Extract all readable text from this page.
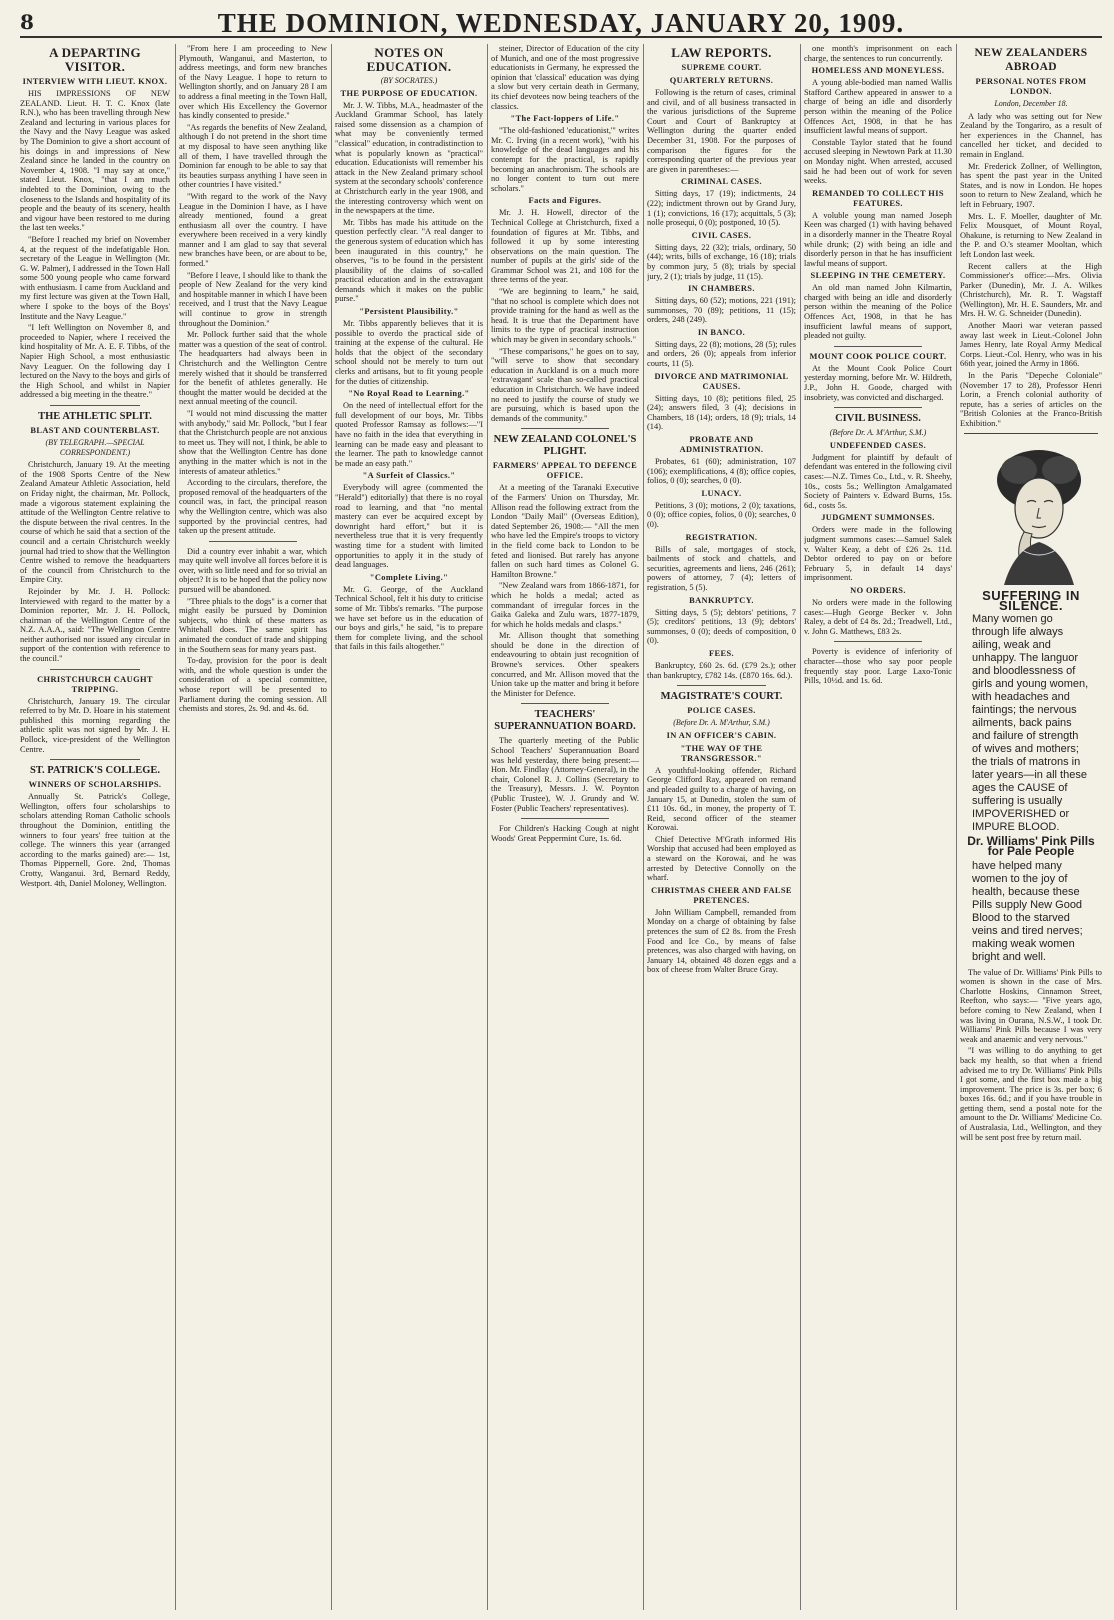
8	THE DOMINION, WEDNESDAY, JANUARY 20, 1909.
A DEPARTING VISITOR.
INTERVIEW WITH LIEUT. KNOX.

HIS IMPRESSIONS OF NEW ZEALAND. Lieut. H. T. C. Knox (late R.N.), who has been travelling through New Zealand and lecturing in various places for the Navy and the Navy League was asked by The Dominion to give a short account of his doings in and impressions of New Zealand since he landed in the country on November 4, 1908. "I may say at once," stated Lieut. Knox, "that I am much indebted to the Dominion, owing to the closeness to the Islands and hospitality of its people and the beauty of its scenery, health and vigour have been restored to me during the last ten weeks."

"Before I reached my brief on November 4, at the request of the indefatigable Hon. secretary of the League in Wellington (Mr. G. W. Palmer), I addressed in the Town Hall some 500 young people who came forward with enthusiasm. I came from Auckland and my first lecture was given at the Town Hall, where I spoke to the boys of the Boys' Institute and the Navy League."

"I left Wellington on November 8, and proceeded to Napier, where I received the kind hospitality of Mr. A. E. F. Tibbs, of the Napier High School, a most enthusiastic Navy Leaguer. On the following day I lectured on the Navy to the boys and girls of the High School, and whilst in Napier addressed a big meeting in the theatre."

THE ATHLETIC SPLIT.
BLAST AND COUNTERBLAST.
(BY TELEGRAPH.—SPECIAL CORRESPONDENT.)

Christchurch, January 19. At the meeting of the 1908 Sports Centre of the New Zealand Amateur Athletic Association, held on Friday night, the chairman, Mr. Pollock, made a vigorous statement explaining the attitude of the Wellington Centre relative to the dispute between the rival centres. In the course of which he said that a section of the council and a certain Christchurch weekly journal had tried to show that the Wellington Centre wished to remove the headquarters of the council from Christchurch to the Empire City.

Rejoinder by Mr. J. H. Pollock: Interviewed with regard to the matter by a Dominion reporter, Mr. J. H. Pollock, chairman of the Wellington Centre of the N.Z. A.A.A., said: "The Wellington Centre neither authorised nor issued any circular in support of the contention with reference to the council."

CHRISTCHURCH CAUGHT TRIPPING.

Christchurch, January 19. The circular referred to by Mr. D. Hoare in his statement published this morning regarding the athletic split was not signed by Mr. J. H. Pollock, vice-president of the Wellington Centre.

ST. PATRICK'S COLLEGE.
WINNERS OF SCHOLARSHIPS.

Annually St. Patrick's College, Wellington, offers four scholarships to scholars attending Roman Catholic schools throughout the Dominion, entitling the winners to four years' free tuition at the college. The winners this year (arranged according to the marks gained) are:— 1st, Thomas Pippernell, Gore. 2nd, Thomas Crotty, Wanganui. 3rd, Bernard Reddy, Westport. 4th, Daniel Moloney, Wellington.

"From here I am proceeding to New Plymouth, Wanganui, and Masterton, to address meetings, and form new branches of the Navy League. I hope to return to Wellington shortly, and on January 28 I am to address a final meeting in the Town Hall, over which His Excellency the Governor has kindly consented to preside."

"As regards the benefits of New Zealand, although I do not pretend in the short time at my disposal to have seen anything like all of them, I have travelled through the Dominion far enough to be able to say that its beauties surpass anything I have seen in other countries I have visited."

"With regard to the work of the Navy League in the Dominion I have, as I have already mentioned, found a great enthusiasm all over the country. I have everywhere been received in a very kindly manner and I am glad to say that several new branches have been, or are about to be, formed."

"Before I leave, I should like to thank the people of New Zealand for the very kind and hospitable manner in which I have been received, and I trust that the Navy League will continue to grow in strength throughout the Dominion."

Mr. Pollock further said that the whole matter was a question of the seat of control. The headquarters had always been in Christchurch and the Wellington Centre merely wished that it should be transferred for the benefit of athletes generally. He thought the matter would be decided at the next annual meeting of the council.

"I would not mind discussing the matter with anybody," said Mr. Pollock, "but I fear that the Christchurch people are not anxious to meet us. They will not, I think, be able to show that the Wellington Centre has done anything in the matter which is not in the interests of amateur athletics."

According to the circulars, therefore, the proposed removal of the headquarters of the council was, in fact, the principal reason why the Wellington centre, which was also supported by the provincial centres, had taken up the present attitude.

Did a country ever inhabit a war, which may quite well involve all forces before it is over, with so little need and for so trivial an object? It is to be hoped that the policy now pursued will be abandoned.

"Three phials to the dogs" is a corner that might easily be pursued by Dominion subjects, who think of these matters as Whitehall does. The same spirit has animated the conduct of trade and shipping in the Southern seas for many years past.

To-day, provision for the poor is dealt with, and the whole question is under the consideration of a special committee, whose report will be presented to Parliament during the coming session. All chemists and stores, 2s. 9d. and 4s. 6d.

NOTES ON EDUCATION.
(BY SOCRATES.)
THE PURPOSE OF EDUCATION.

Mr. J. W. Tibbs, M.A., headmaster of the Auckland Grammar School, has lately raised some dissension as a champion of what may be conveniently termed "classical" education, in contradistinction to what is popularly known as "practical" education. Educationists will remember his attack in the New Zealand primary school system at the secondary schools' conference at Christchurch early in the year 1908, and the interesting controversy which went on in the newspapers at the time.

Mr. Tibbs has made his attitude on the question perfectly clear. "A real danger to the generous system of education which has been inaugurated in this country," he observes, "is to be found in the persistent plausibility of the claims of so-called practical education and in the extravagant demands which it makes on the public purse."

"Persistent Plausibility."

Mr. Tibbs apparently believes that it is possible to overdo the practical side of training at the expense of the cultural. He holds that the object of the secondary school should not be merely to turn out clerks and artisans, but to fit young people for the duties of citizenship.

"No Royal Road to Learning."

On the need of intellectual effort for the full development of our boys, Mr. Tibbs quoted Professor Ramsay as follows:—"I have no faith in the idea that everything in learning can be made easy and pleasant to the learner. The path to knowledge cannot be made an easy path."

"A Surfeit of Classics."

Everybody will agree (commented the "Herald") editorially) that there is no royal road to learning, and that "no mental mastery can ever be acquired except by downright hard effort," but it is nevertheless true that it is very frequently wasting time for a student with limited opportunities to apply it in the study of dead languages.

"Complete Living."

Mr. G. George, of the Auckland Technical School, felt it his duty to criticise some of Mr. Tibbs's remarks. "The purpose we have set before us in the education of our boys and girls," he said, "is to prepare them for complete living, and the school that fails in this fails altogether."

steiner, Director of Education of the city of Munich, and one of the most progressive educationists in Germany, he expressed the opinion that 'classical' education was dying a slow but very certain death in Germany, its chief devotees now being teachers of the classics.

"The Fact-loppers of Life."

"The old-fashioned 'educationist,'" writes Mr. C. Irving (in a recent work), "with his knowledge of the dead languages and his contempt for the practical, is rapidly becoming an anachronism. The schools are no longer content to turn out mere scholars."

Facts and Figures.

Mr. J. H. Howell, director of the Technical College at Christchurch, fixed a foundation of figures at Mr. Tibbs, and followed it up by some interesting observations on the main question. The number of pupils at the girls' side of the Grammar School was 21, and 108 for the three terms of the year.

"We are beginning to learn," he said, "that no school is complete which does not provide training for the hand as well as the head. It is true that the Department have limits to the type of practical instruction which may be given in secondary schools."

"These comparisons," he goes on to say, "will serve to show that secondary education in Auckland is on a much more 'extravagant' scale than so-called practical education in Christchurch. We have indeed no need to justify the course of study we are pursuing, which is based upon the demands of the community."

NEW ZEALAND COLONEL'S PLIGHT.
FARMERS' APPEAL TO DEFENCE OFFICE.

At a meeting of the Taranaki Executive of the Farmers' Union on Thursday, Mr. Allison read the following extract from the London "Daily Mail" (Overseas Edition), dated September 26, 1908:— "All the men who have led the Empire's troops to victory in the field come back to London to be feted and lionised. But rarely has anyone fallen on such hard times as Colonel G. Hamilton Browne."

"New Zealand wars from 1866-1871, for which he holds a medal; acted as commandant of irregular forces in the Gaika Galeka and Zulu wars, 1877-1879, for which he holds medals and clasps."

Mr. Allison thought that something should be done in the direction of endeavouring to obtain just recognition of Browne's services. Other speakers concurred, and Mr. Allison moved that the Union take up the matter and bring it before the Minister for Defence.

TEACHERS' SUPERANNUATION BOARD.

The quarterly meeting of the Public School Teachers' Superannuation Board was held yesterday, there being present:—Hon. Mr. Findlay (Attorney-General), in the chair, Colonel R. J. Collins (Secretary to the Treasury), Messrs. J. W. Poynton (Public Trustee), W. J. Grundy and W. Foster (Public Teachers' representatives).

For Children's Hacking Cough at night Woods' Great Peppermint Cure, 1s. 6d.

LAW REPORTS.
SUPREME COURT.
QUARTERLY RETURNS.

Following is the return of cases, criminal and civil, and of all business transacted in the various jurisdictions of the Supreme Court and Court of Bankruptcy at Wellington during the quarter ended December 31, 1908. For the purposes of comparison the figures for the corresponding quarter of the previous year are given in parentheses:—

CRIMINAL CASES.

Sitting days, 17 (19); indictments, 24 (22); indictment thrown out by Grand Jury, 1 (1); convictions, 16 (17); acquittals, 5 (3); nolle prosequi, 0 (0); postponed, 10 (5).

CIVIL CASES.

Sitting days, 22 (32); trials, ordinary, 50 (44); writs, bills of exchange, 16 (18); trials by common jury, 5 (8); trials by special jury, 2 (1); trials by judge, 11 (15).

IN CHAMBERS.

Sitting days, 60 (52); motions, 221 (191); summonses, 70 (89); petitions, 11 (15); orders, 248 (249).

IN BANCO.

Sitting days, 22 (8); motions, 28 (5); rules and orders, 26 (0); appeals from inferior courts, 11 (5).

DIVORCE AND MATRIMONIAL CAUSES.

Sitting days, 10 (8); petitions filed, 25 (24); answers filed, 3 (4); decisions in Chambers, 18 (14); orders, 18 (9); trials, 14 (14).

PROBATE AND ADMINISTRATION.

Probates, 61 (60); administration, 107 (106); exemplifications, 4 (8); office copies, folios, 0 (0); searches, 0 (0).

LUNACY.

Petitions, 3 (0); motions, 2 (0); taxations, 0 (0); office copies, folios, 0 (0); searches, 0 (0).

REGISTRATION.

Bills of sale, mortgages of stock, bailments of stock and chattels, and securities, agreements and liens, 246 (261); powers of attorney, 7 (4); letters of registration, 5 (5).

BANKRUPTCY.

Sitting days, 5 (5); debtors' petitions, 7 (5); creditors' petitions, 13 (9); debtors' summonses, 0 (0); deeds of composition, 0 (0).

FEES.

Bankruptcy, £60 2s. 6d. (£79 2s.); other than bankruptcy, £782 14s. (£870 16s. 6d.).

MAGISTRATE'S COURT.
POLICE CASES.
(Before Dr. A. M'Arthur, S.M.)
IN AN OFFICER'S CABIN.
"THE WAY OF THE TRANSGRESSOR."

A youthful-looking offender, Richard George Clifford Ray, appeared on remand and pleaded guilty to a charge of having, on January 15, at Dunedin, stolen the sum of £11 10s. 6d., in money, the property of T. Reid, second officer of the steamer Korowai.

Chief Detective M'Grath informed His Worship that accused had been employed as a steward on the Korowai, and he was arrested by Detective Connolly on the wharf.

CHRISTMAS CHEER AND FALSE PRETENCES.

John William Campbell, remanded from Monday on a charge of obtaining by false pretences the sum of £2 8s. from the Fresh Food and Ice Co., by means of false pretences, was also charged with having, on January 14, obtained 48 dozen eggs and a box of cheese from Walter Bruce Gray.

one month's imprisonment on each charge, the sentences to run concurrently.

HOMELESS AND MONEYLESS.

A young able-bodied man named Wallis Stafford Carthew appeared in answer to a charge of being an idle and disorderly person within the meaning of the Police Offences Act, 1908, in that he has insufficient lawful means of support.

Constable Taylor stated that he found accused sleeping in Newtown Park at 11.30 on Monday night. When arrested, accused said he had been out of work for seven weeks.

REMANDED TO COLLECT HIS FEATURES.

A voluble young man named Joseph Keen was charged (1) with having behaved in a disorderly manner in the Theatre Royal while drunk; (2) with being an idle and disorderly person in that he has insufficient lawful means of support.

SLEEPING IN THE CEMETERY.

An old man named John Kilmartin, charged with being an idle and disorderly person within the meaning of the Police Offences Act, 1908, in that he has insufficient lawful means of support, pleaded not guilty.

MOUNT COOK POLICE COURT.

At the Mount Cook Police Court yesterday morning, before Mr. W. Hildreth, J.P., John H. Goode, charged with insobriety, was convicted and discharged.

CIVIL BUSINESS.
(Before Dr. A. M'Arthur, S.M.)
UNDEFENDED CASES.

Judgment for plaintiff by default of defendant was entered in the following civil cases:—N.Z. Times Co., Ltd., v. R. Sheehy, 10s., costs 5s.; Wellington Amalgamated Society of Painters v. Edward Burns, 15s. 6d., costs 5s.

JUDGMENT SUMMONSES.

Orders were made in the following judgment summons cases:—Samuel Salek v. Walter Keay, a debt of £26 2s. 11d. Debtor ordered to pay on or before February 5, in default 14 days' imprisonment.

NO ORDERS.

No orders were made in the following cases:—Hugh George Becker v. John Raley, a debt of £4 8s. 2d.; Treadwell, Ltd., v. John G. Matthews, £83 2s.

Poverty is evidence of inferiority of character—those who say poor people frequently stay poor. Large Laxo-Tonic Pills, 10½d. and 1s. 6d.

NEW ZEALANDERS ABROAD
PERSONAL NOTES FROM LONDON.
London, December 18.

A lady who was setting out for New Zealand by the Tongariro, as a result of her experiences in the Channel, has cancelled her ticket, and decided to remain in England.

Mr. Frederick Zollner, of Wellington, has spent the past year in the United States, and is now in London. He hopes soon to return to New Zealand, which he left in February, 1907.

Mrs. L. F. Moeller, daughter of Mr. Felix Mousquet, of Mount Royal, Ohakune, is returning to New Zealand in the P. and O.'s steamer Mooltan, which left London last week.

Recent callers at the High Commissioner's office:—Mrs. Olivia Parker (Dunedin), Mr. J. A. Wilkes (Christchurch), Mr. R. T. Wagstaff (Wellington), Mr. H. E. Saunders, Mr. and Mrs. H. W. G. Schneider (Dunedin).

Another Maori war veteran passed away last week in Lieut.-Colonel John James Henry, late Royal Army Medical Corps. Lieut.-Col. Henry, who was in his 66th year, joined the Army in 1866.

In the Paris "Depeche Coloniale" (November 17 to 28), Professor Henri Lorin, a French colonial authority of repute, has a series of articles on the "British Colonies at the Franco-British Exhibition."

SUFFERING IN SILENCE.
Many women go through life always ailing, weak and unhappy. The languor and bloodlessness of girls and young women, with headaches and faintings; the nervous ailments, back pains and failure of strength of wives and mothers; the trials of matrons in later years—in all these ages the CAUSE of suffering is usually IMPOVERISHED or IMPURE BLOOD.
Dr. Williams' Pink Pills for Pale People
have helped many women to the joy of health, because these Pills supply New Good Blood to the starved veins and tired nerves; making weak women bright and well.

The value of Dr. Williams' Pink Pills to women is shown in the case of Mrs. Charlotte Hoskins, Cinnamon Street, Reefton, who says:— "Five years ago, before coming to New Zealand, when I was living in Ourana, N.S.W., I took Dr. Williams' Pink Pills because I was very weak and anaemic and very nervous."

"I was willing to do anything to get back my health, so that when a friend advised me to try Dr. Williams' Pink Pills I got some, and the first box made a big improvement. The price is 3s. per box; 6 boxes 16s. 6d.; and if you have trouble in getting them, send a postal note for the amount to the Dr. Williams' Medicine Co. of Australasia, Ltd., Wellington, and they will be sent post free by return mail.
